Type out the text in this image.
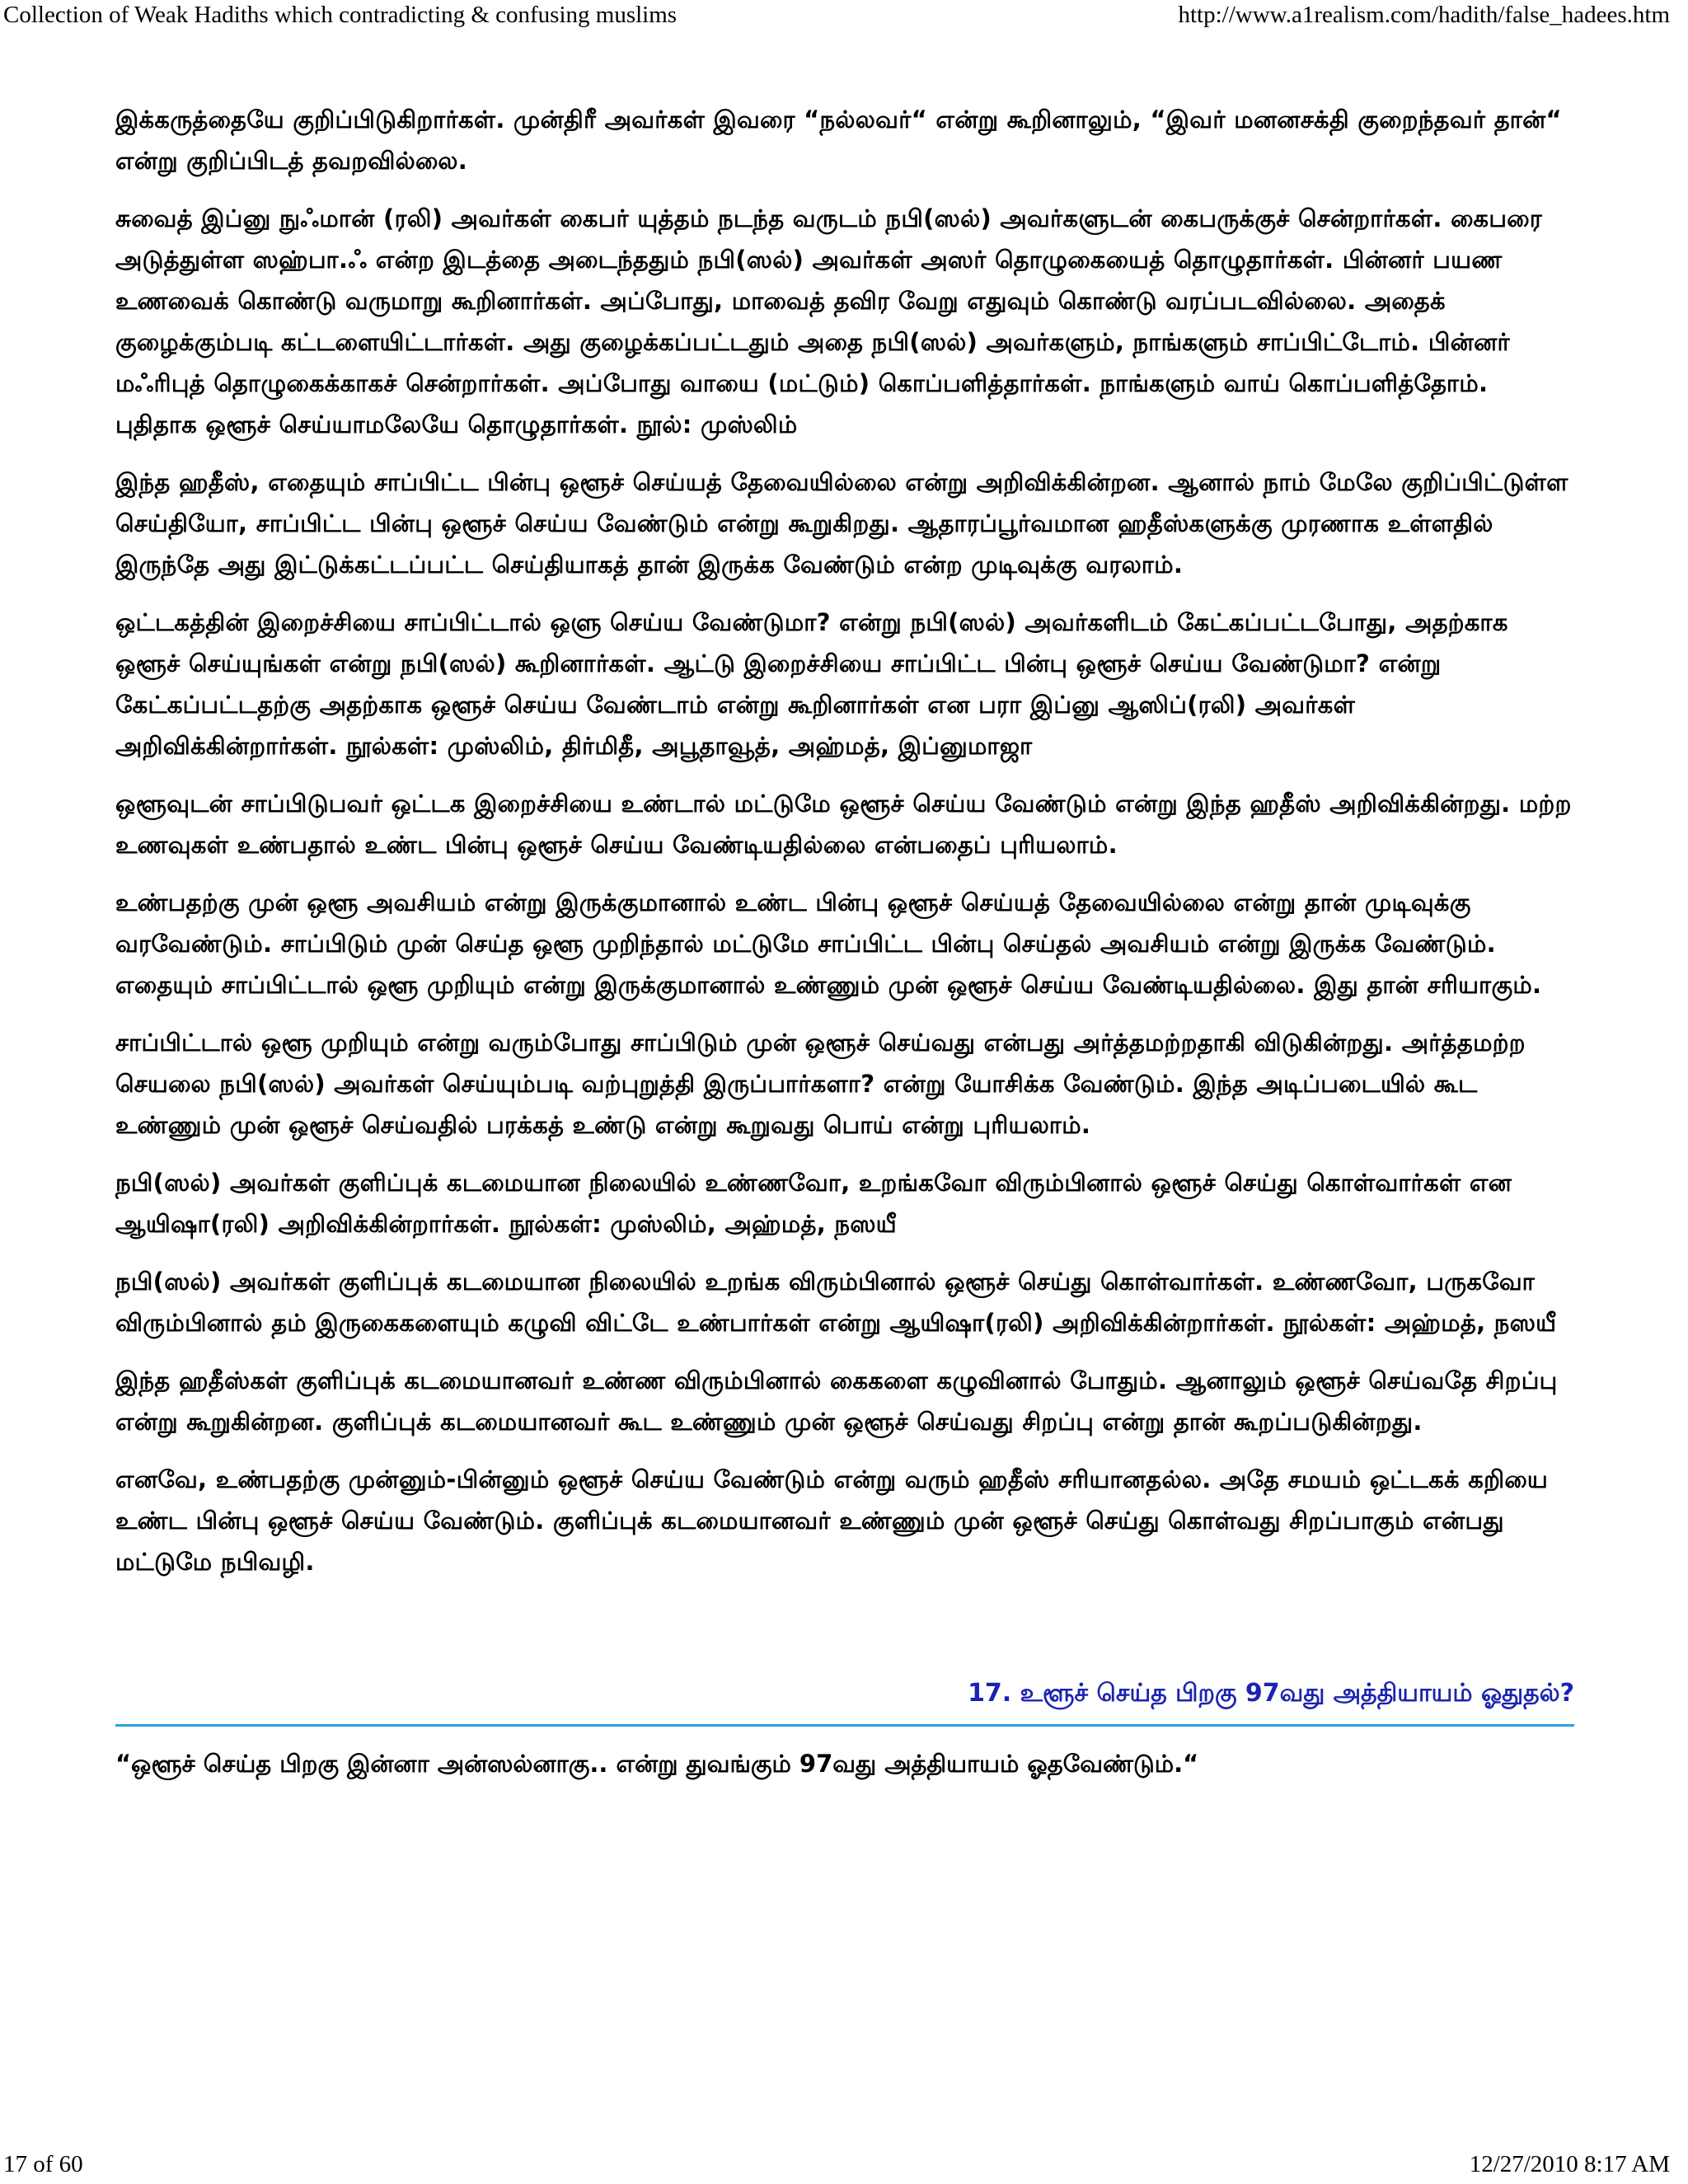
Collection of Weak Hadiths which contradicting & confusing muslims	http://www.a1realism.com/hadith/false_hadees.htm

இக்கருத்தையே குறிப்பிடுகிறார்கள். முன்திரீ அவர்கள் இவரை “நல்லவர்“ என்று கூறினாலும், “இவர் மனனசக்தி குறைந்தவர் தான்“ என்று குறிப்பிடத் தவறவில்லை.

சுவைத் இப்னு நுஃமான் (ரலி) அவர்கள் கைபர் யுத்தம் நடந்த வருடம் நபி(ஸல்) அவர்களுடன் கைபருக்குச் சென்றார்கள். கைபரை அடுத்துள்ள ஸஹ்பா.ஃ என்ற இடத்தை அடைந்ததும் நபி(ஸல்) அவர்கள் அஸர் தொழுகையைத் தொழுதார்கள். பின்னர் பயண உணவைக் கொண்டு வருமாறு கூறினார்கள். அப்போது, மாவைத் தவிர வேறு எதுவும் கொண்டு வரப்படவில்லை. அதைக் குழைக்கும்படி கட்டளையிட்டார்கள். அது குழைக்கப்பட்டதும் அதை நபி(ஸல்) அவர்களும், நாங்களும் சாப்பிட்டோம். பின்னர் மஃரிபுத் தொழுகைக்காகச் சென்றார்கள். அப்போது வாயை (மட்டும்) கொப்பளித்தார்கள். நாங்களும் வாய் கொப்பளித்தோம். புதிதாக ஒளூச் செய்யாமலேயே தொழுதார்கள். நூல்: முஸ்லிம்

இந்த ஹதீஸ், எதையும் சாப்பிட்ட பின்பு ஒளூச் செய்யத் தேவையில்லை என்று அறிவிக்கின்றன. ஆனால் நாம் மேலே குறிப்பிட்டுள்ள செய்தியோ, சாப்பிட்ட பின்பு ஒளூச் செய்ய வேண்டும் என்று கூறுகிறது. ஆதாரப்பூர்வமான ஹதீஸ்களுக்கு முரணாக உள்ளதில் இருந்தே அது இட்டுக்கட்டப்பட்ட செய்தியாகத் தான் இருக்க வேண்டும் என்ற முடிவுக்கு வரலாம்.

ஒட்டகத்தின் இறைச்சியை சாப்பிட்டால் ஒளு செய்ய வேண்டுமா? என்று நபி(ஸல்) அவர்களிடம் கேட்கப்பட்டபோது, அதற்காக ஒளூச் செய்யுங்கள் என்று நபி(ஸல்) கூறினார்கள். ஆட்டு இறைச்சியை சாப்பிட்ட பின்பு ஒளூச் செய்ய வேண்டுமா? என்று கேட்கப்பட்டதற்கு அதற்காக ஒளூச் செய்ய வேண்டாம் என்று கூறினார்கள் என பரா இப்னு ஆஸிப்(ரலி) அவர்கள் அறிவிக்கின்றார்கள். நூல்கள்: முஸ்லிம், திர்மிதீ, அபூதாவூத், அஹ்மத், இப்னுமாஜா

ஒளூவுடன் சாப்பிடுபவர் ஒட்டக இறைச்சியை உண்டால் மட்டுமே ஒளூச் செய்ய வேண்டும் என்று இந்த ஹதீஸ் அறிவிக்கின்றது. மற்ற உணவுகள் உண்பதால் உண்ட பின்பு ஒளூச் செய்ய வேண்டியதில்லை என்பதைப் புரியலாம்.

உண்பதற்கு முன் ஒளூ அவசியம் என்று இருக்குமானால் உண்ட பின்பு ஒளூச் செய்யத் தேவையில்லை என்று தான் முடிவுக்கு வரவேண்டும். சாப்பிடும் முன் செய்த ஒளூ முறிந்தால் மட்டுமே சாப்பிட்ட பின்பு செய்தல் அவசியம் என்று இருக்க வேண்டும். எதையும் சாப்பிட்டால் ஒளூ முறியும் என்று இருக்குமானால் உண்ணும் முன் ஒளூச் செய்ய வேண்டியதில்லை. இது தான் சரியாகும்.

சாப்பிட்டால் ஒளூ முறியும் என்று வரும்போது சாப்பிடும் முன் ஒளூச் செய்வது என்பது அர்த்தமற்றதாகி விடுகின்றது. அர்த்தமற்ற செயலை நபி(ஸல்) அவர்கள் செய்யும்படி வற்புறுத்தி இருப்பார்களா? என்று யோசிக்க வேண்டும். இந்த அடிப்படையில் கூட உண்ணும் முன் ஒளூச் செய்வதில் பரக்கத் உண்டு என்று கூறுவது பொய் என்று புரியலாம்.

நபி(ஸல்) அவர்கள் குளிப்புக் கடமையான நிலையில் உண்ணவோ, உறங்கவோ விரும்பினால் ஒளூச் செய்து கொள்வார்கள் என ஆயிஷா(ரலி) அறிவிக்கின்றார்கள். நூல்கள்: முஸ்லிம், அஹ்மத், நஸயீ

நபி(ஸல்) அவர்கள் குளிப்புக் கடமையான நிலையில் உறங்க விரும்பினால் ஒளூச் செய்து கொள்வார்கள். உண்ணவோ, பருகவோ விரும்பினால் தம் இருகைகளையும் கழுவி விட்டே உண்பார்கள் என்று ஆயிஷா(ரலி) அறிவிக்கின்றார்கள். நூல்கள்: அஹ்மத், நஸயீ

இந்த ஹதீஸ்கள் குளிப்புக் கடமையானவர் உண்ண விரும்பினால் கைகளை கழுவினால் போதும். ஆனாலும் ஒளூச் செய்வதே சிறப்பு என்று கூறுகின்றன. குளிப்புக் கடமையானவர் கூட உண்ணும் முன் ஒளூச் செய்வது சிறப்பு என்று தான் கூறப்படுகின்றது.

எனவே, உண்பதற்கு முன்னும்-பின்னும் ஒளூச் செய்ய வேண்டும் என்று வரும் ஹதீஸ் சரியானதல்ல. அதே சமயம் ஒட்டகக் கறியை உண்ட பின்பு ஒளூச் செய்ய வேண்டும். குளிப்புக் கடமையானவர் உண்ணும் முன் ஒளூச் செய்து கொள்வது சிறப்பாகும் என்பது மட்டுமே நபிவழி.

17. உளூச் செய்த பிறகு 97வது அத்தியாயம் ஓதுதல்?
“ஒளூச் செய்த பிறகு இன்னா அன்ஸல்னாகு.. என்று துவங்கும் 97வது அத்தியாயம் ஓதவேண்டும்.“
17 of 60	12/27/2010 8:17 AM
